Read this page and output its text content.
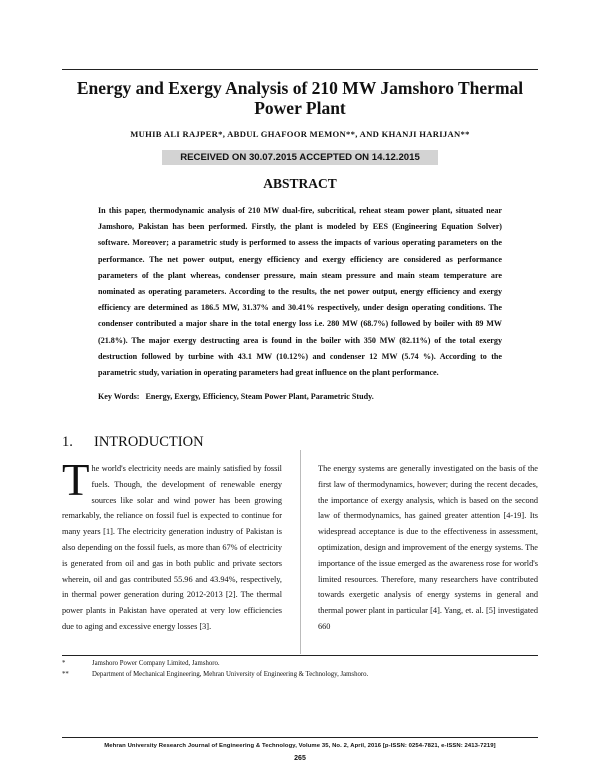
Energy and Exergy Analysis of 210 MW Jamshoro Thermal Power Plant

MUHIB ALI RAJPER*, ABDUL GHAFOOR MEMON**, AND KHANJI HARIJAN**

RECEIVED ON 30.07.2015 ACCEPTED ON 14.12.2015
ABSTRACT

In this paper, thermodynamic analysis of 210 MW dual-fire, subcritical, reheat steam power plant, situated near Jamshoro, Pakistan has been performed. Firstly, the plant is modeled by EES (Engineering Equation Solver) software. Moreover; a parametric study is performed to assess the impacts of various operating parameters on the performance. The net power output, energy efficiency and exergy efficiency are considered as performance parameters of the plant whereas, condenser pressure, main steam pressure and main steam temperature are nominated as operating parameters. According to the results, the net power output, energy efficiency and exergy efficiency are determined as 186.5 MW, 31.37% and 30.41% respectively, under design operating conditions. The condenser contributed a major share in the total energy loss i.e. 280 MW (68.7%) followed by boiler with 89 MW (21.8%). The major exergy destructing area is found in the boiler with 350 MW (82.11%) of the total exergy destruction followed by turbine with 43.1 MW (10.12%) and condenser 12 MW (5.74 %). According to the parametric study, variation in operating parameters had great influence on the plant performance.

Key Words: Energy, Exergy, Efficiency, Steam Power Plant, Parametric Study.

1. INTRODUCTION

The world's electricity needs are mainly satisfied by fossil fuels. Though, the development of renewable energy sources like solar and wind power has been growing remarkably, the reliance on fossil fuel is expected to continue for many years [1]. The electricity generation industry of Pakistan is also depending on the fossil fuels, as more than 67% of electricity is generated from oil and gas in both public and private sectors wherein, oil and gas contributed 55.96 and 43.94%, respectively, in thermal power generation during 2012-2013 [2]. The thermal power plants in Pakistan have operated at very low efficiencies due to aging and excessive energy losses [3].

The energy systems are generally investigated on the basis of the first law of thermodynamics, however; during the recent decades, the importance of exergy analysis, which is based on the second law of thermodynamics, has gained greater attention [4-19]. Its widespread acceptance is due to the effectiveness in assessment, optimization, design and improvement of the energy systems. The importance of the issue emerged as the awareness rose for world's limited resources. Therefore, many researchers have contributed towards exergetic analysis of energy systems in general and thermal power plant in particular [4]. Yang, et. al. [5] investigated 660

*	Jamshoro Power Company Limited, Jamshoro.

**	Department of Mechanical Engineering, Mehran University of Engineering & Technology, Jamshoro.

Mehran University Research Journal of Engineering & Technology, Volume 35, No. 2, April, 2016 [p-ISSN: 0254-7821, e-ISSN: 2413-7219]

265
